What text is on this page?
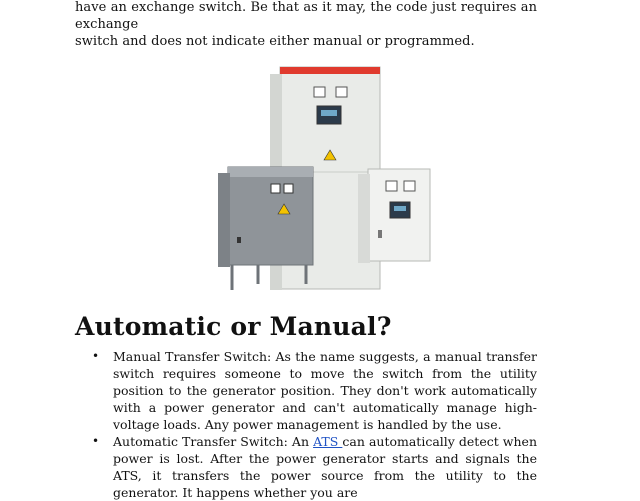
have an exchange switch. Be that as it may, the code just requires an exchange

switch and does not indicate either manual or programmed.

Automatic or Manual?
• Manual Transfer Switch: As the name suggests, a manual transfer switch requires someone to move the switch from the utility position to the generator position. They don't work automatically with a power generator and can't automatically manage high-voltage loads. Any power management is handled by the use.
• Automatic Transfer Switch: An ATS can automatically detect when power is lost. After the power generator starts and signals the ATS, it transfers the power source from the utility to the generator. It happens whether you are
